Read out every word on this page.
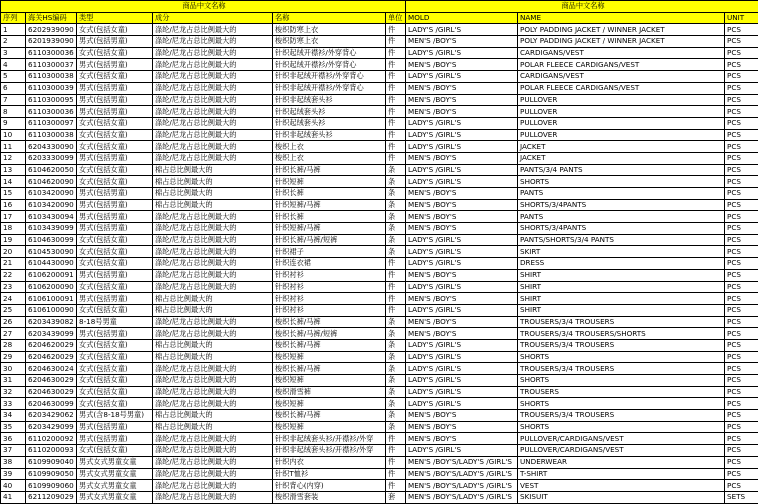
商品中文名称						商品中文名称		
序列	海关HS编码	类型	成分	名称	单位	MOLD	NAME	UNIT
1	6202939090	女式(包括女童)	涤纶/尼龙占总比例最大的	梭织防寒上衣	件	LADY'S /GIRL'S	POLY PADDING JACKET / WINNER JACKET	PCS
2	6201939090	男式(包括男童)	涤纶/尼龙占总比例最大的	梭织防寒上衣	件	MEN'S /BOY'S	POLY PADDING JACKET / WINNER JACKET	PCS
3	6110300036	女式(包括女童)	涤纶/尼龙占总比例最大的	针织起绒开襟衫/外穿背心	件	LADY'S /GIRL'S	CARDIGANS/VEST	PCS
4	6110300037	男式(包括男童)	涤纶/尼龙占总比例最大的	针织起绒开襟衫/外穿背心	件	MEN'S /BOY'S	POLAR FLEECE CARDIGANS/VEST	PCS
5	6110300038	女式(包括女童)	涤纶/尼龙占总比例最大的	针织非起绒开襟衫/外穿背心	件	LADY'S /GIRL'S	CARDIGANS/VEST	PCS
6	6110300039	男式(包括男童)	涤纶/尼龙占总比例最大的	针织非起绒开襟衫/外穿背心	件	MEN'S /BOY'S	POLAR FLEECE CARDIGANS/VEST	PCS
7	6110300095	男式(包括男童)	涤纶/尼龙占总比例最大的	针织非起绒套头衫	件	MEN'S /BOY'S	PULLOVER	PCS
8	6110300036	男式(包括男童)	涤纶/尼龙占总比例最大的	针织起绒套头衫	件	MEN'S /BOY'S	PULLOVER	PCS
9	6110300097	女式(包括女童)	涤纶/尼龙占总比例最大的	针织起绒套头衫	件	LADY'S /GIRL'S	PULLOVER	PCS
10	6110300038	女式(包括女童)	涤纶/尼龙占总比例最大的	针织非起绒套头衫	件	LADY'S /GIRL'S	PULLOVER	PCS
11	6204330090	女式(包括女童)	涤纶/尼龙占总比例最大的	梭织上衣	件	LADY'S /GIRL'S	JACKET	PCS
12	6203330099	男式(包括男童)	涤纶/尼龙占总比例最大的	梭织上衣	件	MEN'S /BOY'S	JACKET	PCS
13	6104620050	女式(包括女童)	棉占总比例最大的	针织长裤/马裤	条	LADY'S /GIRL'S	PANTS/3/4 PANTS	PCS
14	6104620090	女式(包括女童)	棉占总比例最大的	针织短裤	条	LADY'S /GIRL'S	SHORTS	PCS
15	6103420090	男式(包括男童)	棉占总比例最大的	针织长裤	条	MEN'S /BOY'S	PANTS	PCS
16	6103420090	男式(包括男童)	棉占总比例最大的	针织短裤/马裤	条	MEN'S /BOY'S	SHORTS/3/4PANTS	PCS
17	6103430094	男式(包括男童)	涤纶/尼龙占总比例最大的	针织长裤	条	MEN'S /BOY'S	PANTS	PCS
18	6103439099	男式(包括男童)	涤纶/尼龙占总比例最大的	针织短裤/马裤	条	MEN'S /BOY'S	SHORTS/3/4PANTS	PCS
19	6104630099	女式(包括女童)	涤纶/尼龙占总比例最大的	针织长裤/马裤/短裤	条	LADY'S /GIRL'S	PANTS/SHORTS/3/4 PANTS	PCS
20	6104530090	女式(包括女童)	涤纶/尼龙占总比例最大的	针织裙子	条	LADY'S /GIRL'S	SKIRT	PCS
21	6104430090	女式(包括女童)	涤纶/尼龙占总比例最大的	针织连衣裙	件	LADY'S /GIRL'S	DRESS	PCS
22	6106200091	男式(包括男童)	涤纶/尼龙占总比例最大的	针织衬衫	件	MEN'S /BOY'S	SHIRT	PCS
23	6106200090	女式(包括女童)	涤纶/尼龙占总比例最大的	针织衬衫	件	LADY'S /GIRL'S	SHIRT	PCS
24	6106100091	男式(包括男童)	棉占总比例最大的	针织衬衫	件	MEN'S /BOY'S	SHIRT	PCS
25	6106100090	女式(包括女童)	棉占总比例最大的	针织衬衫	件	LADY'S /GIRL'S	SHIRT	PCS
26	6203439082	8-18号男童	涤纶/尼龙占总比例最大的	梭织长裤/马裤	条	MEN'S /BOY'S	TROUSERS/3/4 TROUSERS	PCS
27	6203439099	男式(包括男童)	涤纶/尼龙占总比例最大的	梭织长裤/马裤/短裤	条	MEN'S /BOY'S	TROUSERS/3/4 TROUSERS/SHORTS	PCS
28	6204620029	女式(包括女童)	棉占总比例最大的	梭织长裤/马裤	条	LADY'S /GIRL'S	TROUSERS/3/4 TROUSERS	PCS
29	6204620029	女式(包括女童)	棉占总比例最大的	梭织短裤	条	LADY'S /GIRL'S	SHORTS	PCS
30	6204630024	女式(包括女童)	涤纶/尼龙占总比例最大的	梭织长裤/马裤	条	LADY'S /GIRL'S	TROUSERS/3/4 TROUSERS	PCS
31	6204630029	女式(包括女童)	涤纶/尼龙占总比例最大的	梭织短裤	条	LADY'S /GIRL'S	SHORTS	PCS
32	6204630029	女式(包括女童)	涤纶/尼龙占总比例最大的	梭织滑雪裤	条	LADY'S /GIRL'S	TROUSERS	PCS
33	6204630099	女式(包括女童)	涤纶/尼龙占总比例最大的	梭织短裤	条	LADY'S /GIRL'S	SHORTS	PCS
34	6203429062	男式(含8-18号男童)	棉占总比例最大的	梭织长裤/马裤	条	MEN'S /BOY'S	TROUSERS/3/4 TROUSERS	PCS
35	6203429099	男式(包括男童)	棉占总比例最大的	梭织短裤	条	MEN'S /BOY'S	SHORTS	PCS
36	6110200092	男式(包括男童)	涤纶/尼龙占总比例最大的	针织非起绒套头衫/开襟衫/外穿	件	MEN'S /BOY'S	PULLOVER/CARDIGANS/VEST	PCS
37	6110200093	女式(包括女童)	涤纶/尼龙占总比例最大的	针织非起绒套头衫/开襟衫/外穿	件	LADY'S /GIRL'S	PULLOVER/CARDIGANS/VEST	PCS
38	6109909040	男式女式男童女童	涤纶/尼龙占总比例最大的	针织内衣	件	MEN'S /BOY'S/LADY'S /GIRL'S	UNDERWEAR	PCS
39	6109909050	男式女式男童女童	涤纶/尼龙占总比例最大的	针织T恤衫	件	MEN'S /BOY'S/LADY'S /GIRL'S	T-SHIRT	PCS
40	6109909060	男式女式男童女童	涤纶/尼龙占总比例最大的	针织背心(内穿)	件	MEN'S /BOY'S/LADY'S /GIRL'S	VEST	PCS
41	6211209029	男式女式男童女童	涤纶/尼龙占总比例最大的	梭织滑雪套装	套	MEN'S /BOY'S/LADY'S /GIRL'S	SKISUIT	SETS
